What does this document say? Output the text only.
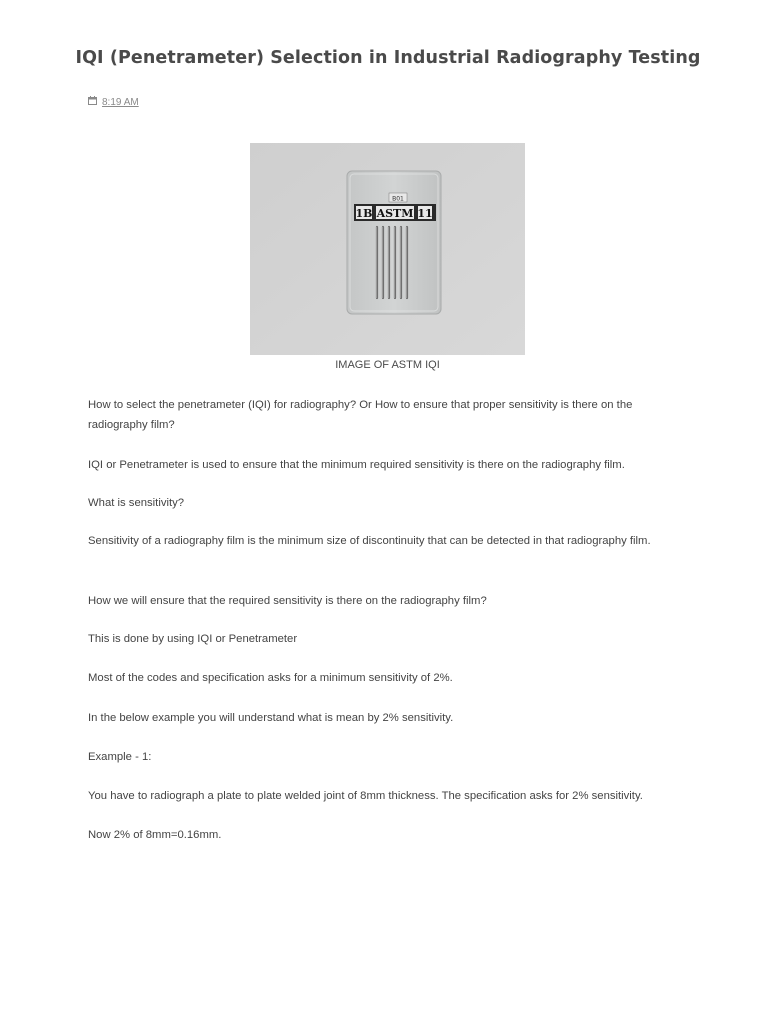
IQI (Penetrameter) Selection in Industrial Radiography Testing
8:19 AM
B01
1B ASTM 11
IMAGE OF ASTM IQI
How to select the penetrameter (IQI) for radiography? Or How to ensure that proper sensitivity is there on the radiography film?
IQI or Penetrameter is used to ensure that the minimum required sensitivity is there on the radiography film.
What is sensitivity?
Sensitivity of a radiography film is the minimum size of discontinuity that can be detected in that radiography film.
How we will ensure that the required sensitivity is there on the radiography film?
This is done by using IQI or Penetrameter
Most of the codes and specification asks for a minimum sensitivity of 2%.
In the below example you will understand what is mean by 2% sensitivity.
Example - 1:
You have to radiograph a plate to plate welded joint of 8mm thickness. The specification asks for 2% sensitivity.
Now 2% of 8mm=0.16mm.
